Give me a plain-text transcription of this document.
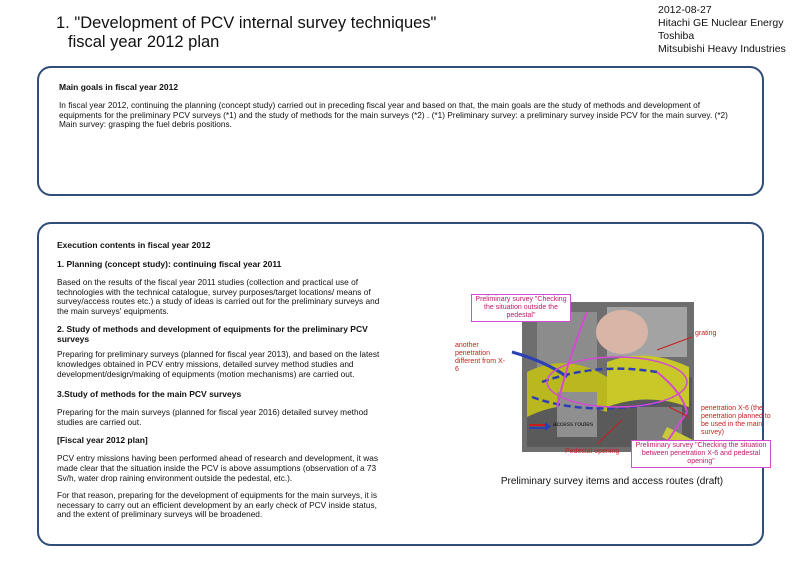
1. "Development of PCV internal survey techniques"
fiscal year 2012 plan
2012-08-27
Hitachi GE Nuclear Energy
Toshiba
Mitsubishi Heavy Industries
Main goals in fiscal year 2012
In fiscal year 2012, continuing the planning (concept study) carried out in preceding fiscal year and based on that, the main goals are the study of methods and development of equipments for the preliminary PCV surveys (*1) and the study of methods for the main surveys (*2) . (*1) Preliminary survey: a preliminary survey inside PCV for the main survey. (*2) Main survey: grasping the fuel debris positions.
Execution contents in fiscal year 2012
1. Planning (concept study): continuing fiscal year 2011
Based on the results of the fiscal year 2011 studies (collection and practical use of technologies with the technical catalogue, survey purposes/target locations/ means of survey/access routes etc.) a study of ideas is carried out for the preliminary surveys and the main surveys' equipments.
2. Study of methods and development of equipments for the preliminary PCV surveys
Preparing for preliminary surveys (planned for fiscal year 2013), and based on the latest knowledges obtained in PCV entry missions, detailed survey method studies and development/design/making of equipments (motion mechanisms) are carried out.
3.Study of methods for the main PCV surveys
Preparing for the main surveys (planned for fiscal year 2016) detailed survey method studies are carried out.
[Fiscal year 2012 plan]
PCV entry missions having been performed ahead of research and development, it was made clear that the situation inside the PCV is above assumptions (observation of a 73 Sv/h, water drop raining environment outside the pedestal, etc.).
For that reason, preparing for the development of equipments for the main surveys, it is necessary to carry out an efficient development by an early check of PCV inside status, and the extent of preliminary surveys will be broadened.
Preliminary survey "Checking the situation outside the pedestal"
Preliminary survey "Checking the situation between penetration X-6 and pedestal opening"
another penetration different from X-6
grating
penetration X-6 (the penetration planned to be used in the main survey)
Pedestal opening
access routes
Preliminary survey items and access routes (draft)
